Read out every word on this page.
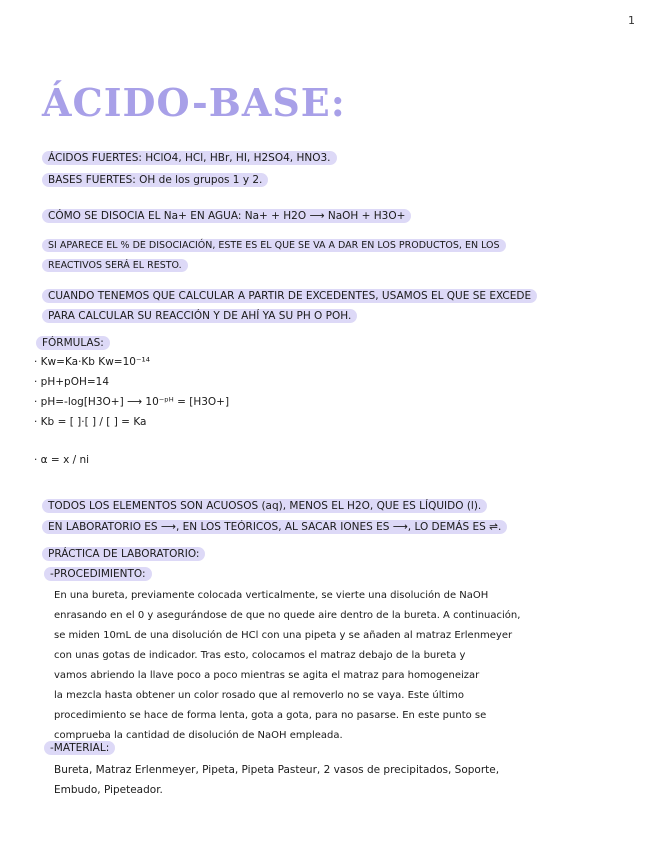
1
ÁCIDO-BASE:
ÁCIDOS FUERTES: HClO4, HCl, HBr, HI, H2SO4, HNO3.
BASES FUERTES: OH de los grupos 1 y 2.
CÓMO SE DISOCIA EL Na+ EN AGUA: Na+ + H2O ⟶ NaOH + H3O+
SI APARECE EL % DE DISOCIACIÓN, ESTE ES EL QUE SE VA A DAR EN LOS PRODUCTOS, EN LOS
REACTIVOS SERÁ EL RESTO.
CUANDO TENEMOS QUE CALCULAR A PARTIR DE EXCEDENTES, USAMOS EL QUE SE EXCEDE
PARA CALCULAR SU REACCIÓN Y DE AHÍ YA SU PH O POH.
FÓRMULAS:
· Kw=Ka·Kb Kw=10⁻¹⁴
· pH+pOH=14
· pH=-log[H3O+] ⟶ 10⁻ᵖᴴ = [H3O+]
· Kb = [ ]·[ ] / [ ] = Ka
· α = x / ni
TODOS LOS ELEMENTOS SON ACUOSOS (aq), MENOS EL H2O, QUE ES LÍQUIDO (l).
EN LABORATORIO ES ⟶, EN LOS TEÓRICOS, AL SACAR IONES ES ⟶, LO DEMÁS ES ⇌.
PRÁCTICA DE LABORATORIO:
-PROCEDIMIENTO:
En una bureta, previamente colocada verticalmente, se vierte una disolución de NaOH
enrasando en el 0 y asegurándose de que no quede aire dentro de la bureta. A continuación,
se miden 10mL de una disolución de HCl con una pipeta y se añaden al matraz Erlenmeyer
con unas gotas de indicador. Tras esto, colocamos el matraz debajo de la bureta y
vamos abriendo la llave poco a poco mientras se agita el matraz para homogeneizar
la mezcla hasta obtener un color rosado que al removerlo no se vaya. Este último
procedimiento se hace de forma lenta, gota a gota, para no pasarse. En este punto se
comprueba la cantidad de disolución de NaOH empleada.
-MATERIAL:
Bureta, Matraz Erlenmeyer, Pipeta, Pipeta Pasteur, 2 vasos de precipitados, Soporte,
Embudo, Pipeteador.
